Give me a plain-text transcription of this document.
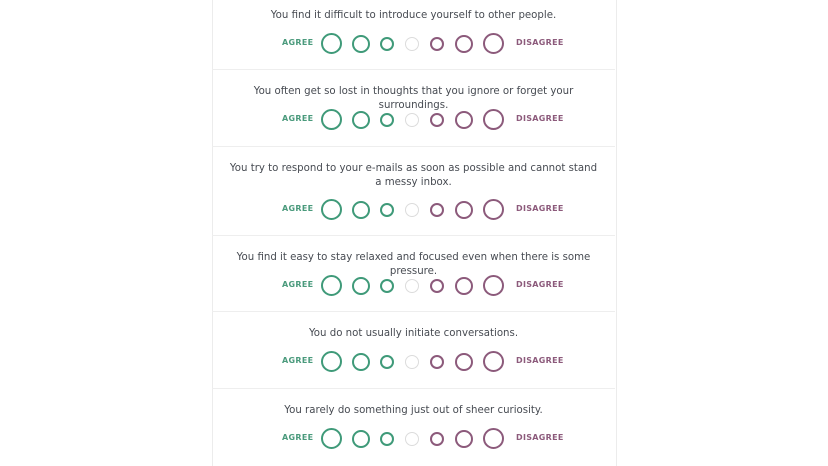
You find it difficult to introduce yourself to other people.
AGREE	DISAGREE
You often get so lost in thoughts that you ignore or forget your surroundings.
AGREE	DISAGREE
You try to respond to your e-mails as soon as possible and cannot stand a messy inbox.
AGREE	DISAGREE
You find it easy to stay relaxed and focused even when there is some pressure.
AGREE	DISAGREE
You do not usually initiate conversations.
AGREE	DISAGREE
You rarely do something just out of sheer curiosity.
AGREE	DISAGREE
